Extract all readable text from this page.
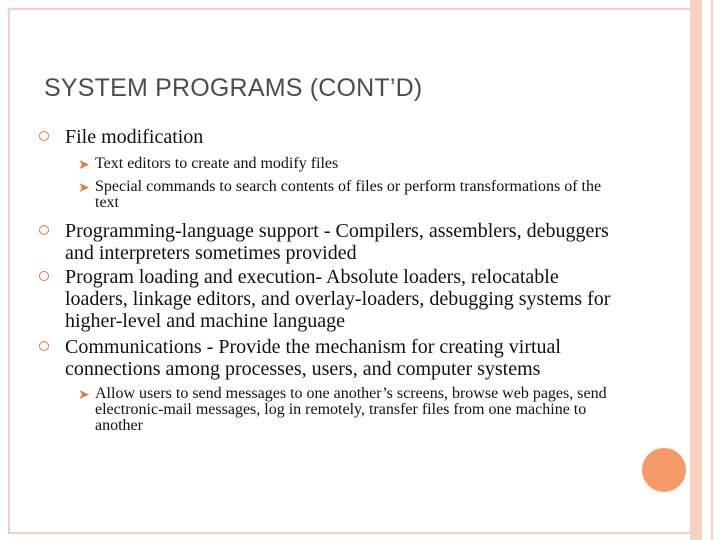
SYSTEM PROGRAMS (CONT’D)
File modification
➤ Text editors to create and modify files
➤ Special commands to search contents of files or perform transformations of the text
Programming-language support - Compilers, assemblers, debuggers and interpreters sometimes provided
Program loading and execution- Absolute loaders, relocatable loaders, linkage editors, and overlay-loaders, debugging systems for higher-level and machine language
Communications - Provide the mechanism for creating virtual connections among processes, users, and computer systems
➤ Allow users to send messages to one another’s screens, browse web pages, send electronic-mail messages, log in remotely, transfer files from one machine to another
